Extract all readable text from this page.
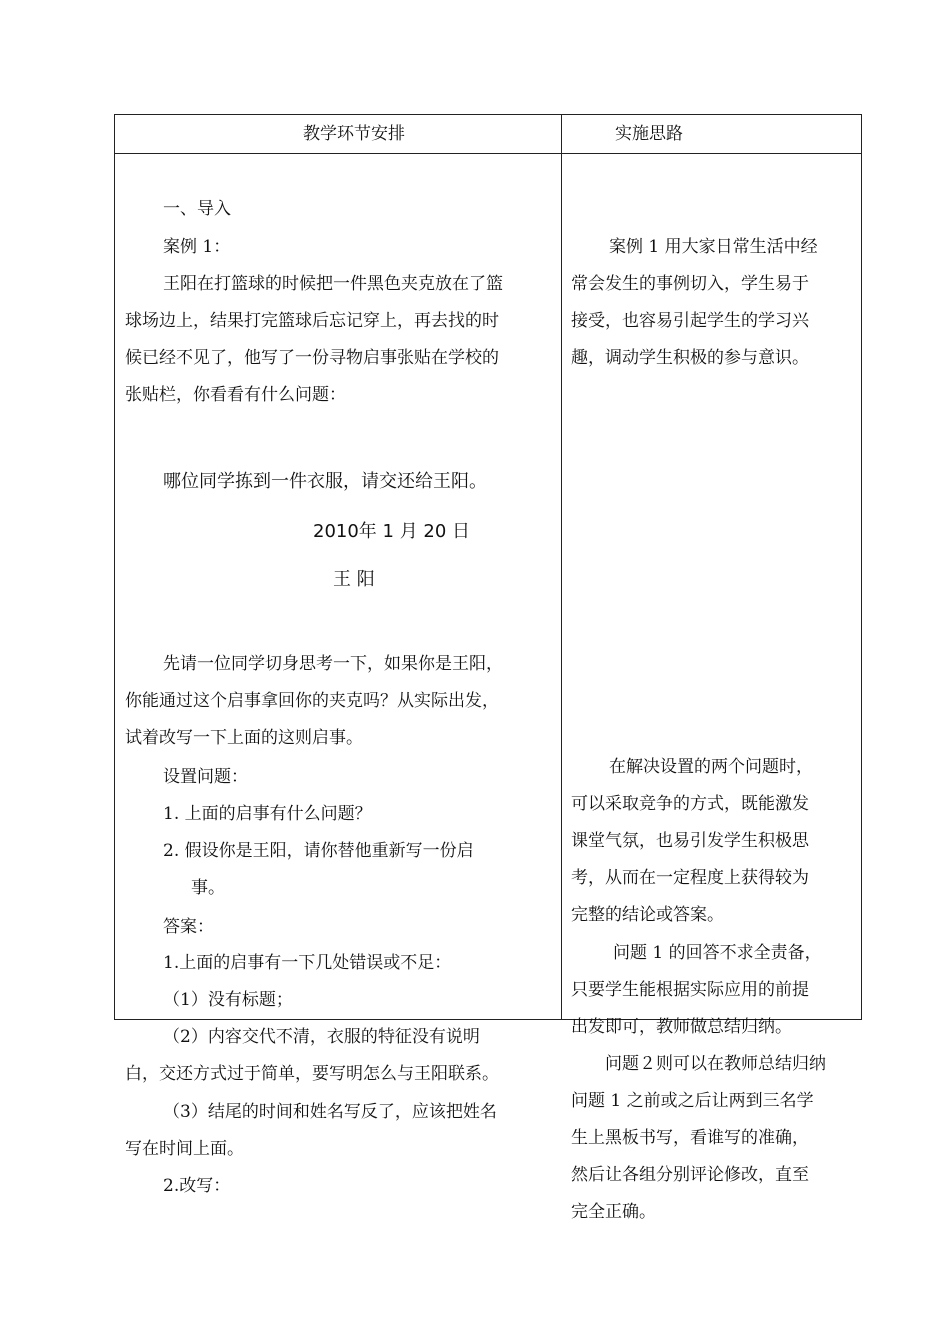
教学环节安排	实施思路
一、导入
案例 1：
王阳在打篮球的时候把一件黑色夹克放在了篮
球场边上，结果打完篮球后忘记穿上，再去找的时
候已经不见了，他写了一份寻物启事张贴在学校的
张贴栏，你看看有什么问题：
哪位同学拣到一件衣服，请交还给王阳。
2010年 1 月 20 日
王 阳
先请一位同学切身思考一下，如果你是王阳，
你能通过这个启事拿回你的夹克吗？从实际出发，
试着改写一下上面的这则启事。
设置问题：
1. 上面的启事有什么问题？
2. 假设你是王阳，请你替他重新写一份启
事。
答案：
1.上面的启事有一下几处错误或不足：
（1）没有标题；
（2）内容交代不清，衣服的特征没有说明
白，交还方式过于简单，要写明怎么与王阳联系。
（3）结尾的时间和姓名写反了，应该把姓名
写在时间上面。
2.改写：
案例 1 用大家日常生活中经
常会发生的事例切入，学生易于
接受，也容易引起学生的学习兴
趣，调动学生积极的参与意识。
在解决设置的两个问题时，
可以采取竞争的方式，既能激发
课堂气氛，也易引发学生积极思
考，从而在一定程度上获得较为
完整的结论或答案。
问题 1 的回答不求全责备，
只要学生能根据实际应用的前提
出发即可，教师做总结归纳。
问题２则可以在教师总结归纳
问题 1 之前或之后让两到三名学
生上黑板书写，看谁写的准确，
然后让各组分别评论修改，直至
完全正确。
